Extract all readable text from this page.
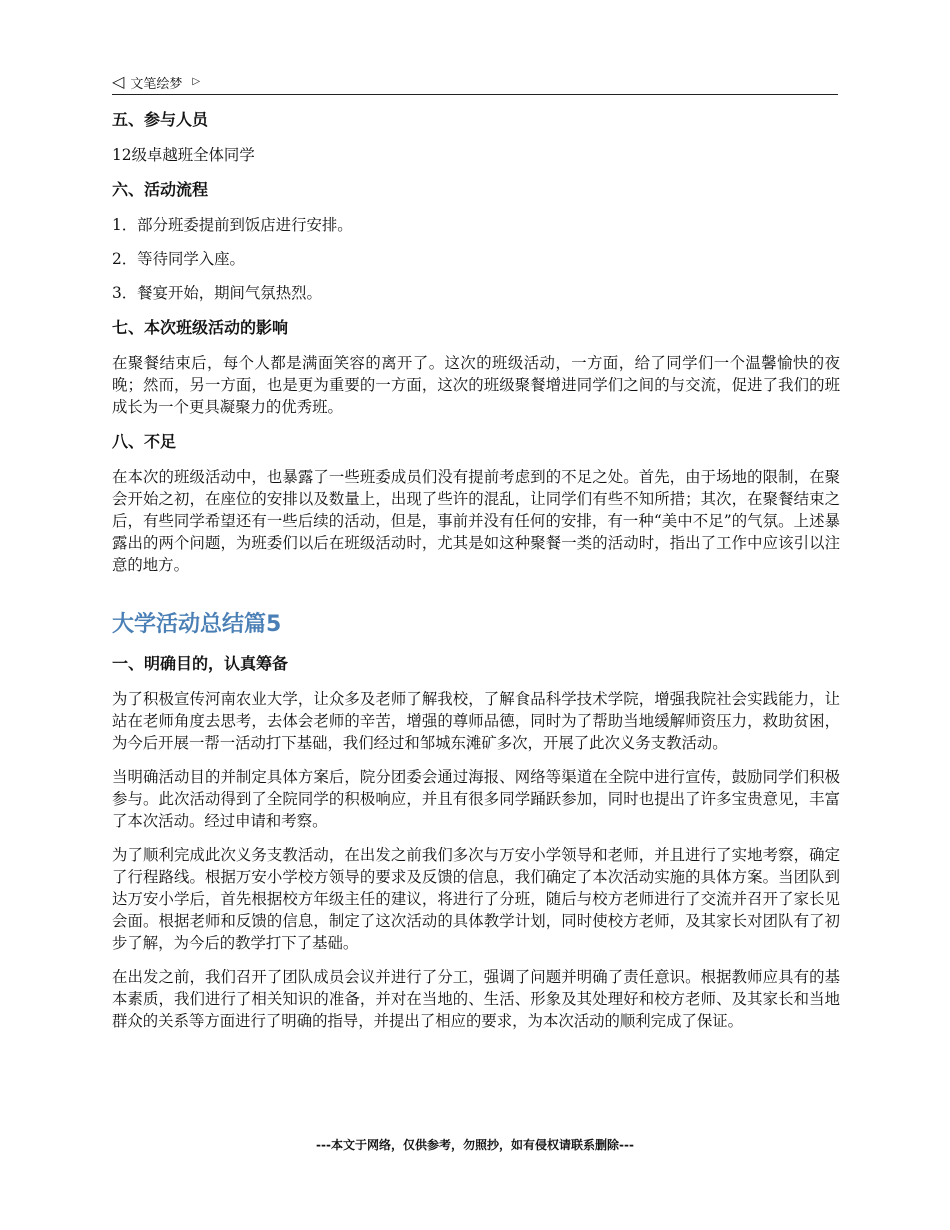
◁ 文笔绘梦 ▷
五、参与人员

12级卓越班全体同学

六、活动流程

1．部分班委提前到饭店进行安排。

2．等待同学入座。

3．餐宴开始，期间气氛热烈。

七、本次班级活动的影响

在聚餐结束后，每个人都是满面笑容的离开了。这次的班级活动，一方面，给了同学们一个温馨愉快的夜晚；然而，另一方面，也是更为重要的一方面，这次的班级聚餐增进同学们之间的与交流，促进了我们的班成长为一个更具凝聚力的优秀班。

八、不足

在本次的班级活动中，也暴露了一些班委成员们没有提前考虑到的不足之处。首先，由于场地的限制，在聚会开始之初，在座位的安排以及数量上，出现了些许的混乱，让同学们有些不知所措；其次，在聚餐结束之后，有些同学希望还有一些后续的活动，但是，事前并没有任何的安排，有一种“美中不足”的气氛。上述暴露出的两个问题，为班委们以后在班级活动时，尤其是如这种聚餐一类的活动时，指出了工作中应该引以注意的地方。

大学活动总结篇5
一、明确目的，认真筹备

为了积极宣传河南农业大学，让众多及老师了解我校，了解食品科学技术学院，增强我院社会实践能力，让站在老师角度去思考，去体会老师的辛苦，增强的尊师品德，同时为了帮助当地缓解师资压力，救助贫困，为今后开展一帮一活动打下基础，我们经过和邹城东滩矿多次，开展了此次义务支教活动。

当明确活动目的并制定具体方案后，院分团委会通过海报、网络等渠道在全院中进行宣传，鼓励同学们积极参与。此次活动得到了全院同学的积极响应，并且有很多同学踊跃参加，同时也提出了许多宝贵意见，丰富了本次活动。经过申请和考察。

为了顺利完成此次义务支教活动，在出发之前我们多次与万安小学领导和老师，并且进行了实地考察，确定了行程路线。根据万安小学校方领导的要求及反馈的信息，我们确定了本次活动实施的具体方案。当团队到达万安小学后，首先根据校方年级主任的建议，将进行了分班，随后与校方老师进行了交流并召开了家长见会面。根据老师和反馈的信息，制定了这次活动的具体教学计划，同时使校方老师，及其家长对团队有了初步了解，为今后的教学打下了基础。

在出发之前，我们召开了团队成员会议并进行了分工，强调了问题并明确了责任意识。根据教师应具有的基本素质，我们进行了相关知识的准备，并对在当地的、生活、形象及其处理好和校方老师、及其家长和当地群众的关系等方面进行了明确的指导，并提出了相应的要求，为本次活动的顺利完成了保证。

---本文于网络，仅供参考，勿照抄，如有侵权请联系删除---
